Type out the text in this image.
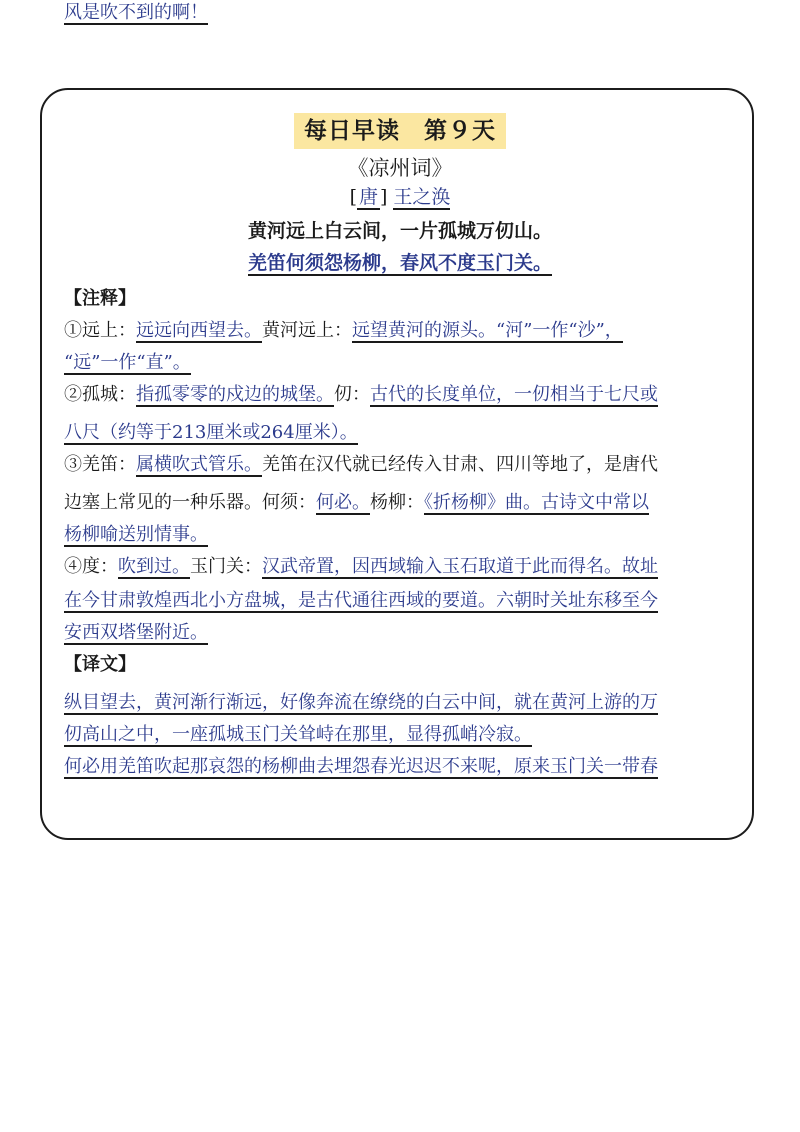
每日早读　第９天
《凉州词》
[ 唐 ] 王之涣
黄河远上白云间，一片孤城万仞山。
羌笛何须怨杨柳，春风不度玉门关。
【注释】
①远上：远远向西望去。黄河远上：远望黄河的源头。“河”一作“沙”，
“远”一作“直”。
②孤城：指孤零零的戍边的城堡。仞：古代的长度单位，一仞相当于七尺或
八尺（约等于213厘米或264厘米）。
③羌笛：属横吹式管乐。羌笛在汉代就已经传入甘肃、四川等地了，是唐代
边塞上常见的一种乐器。何须：何必。杨柳：《折杨柳》曲。古诗文中常以
杨柳喻送别情事。
④度：吹到过。玉门关：汉武帝置，因西域输入玉石取道于此而得名。故址
在今甘肃敦煌西北小方盘城，是古代通往西域的要道。六朝时关址东移至今
安西双塔堡附近。
【译文】
纵目望去，黄河渐行渐远，好像奔流在缭绕的白云中间，就在黄河上游的万
仞高山之中，一座孤城玉门关耸峙在那里，显得孤峭冷寂。
何必用羌笛吹起那哀怨的杨柳曲去埋怨春光迟迟不来呢，原来玉门关一带春
风是吹不到的啊！
